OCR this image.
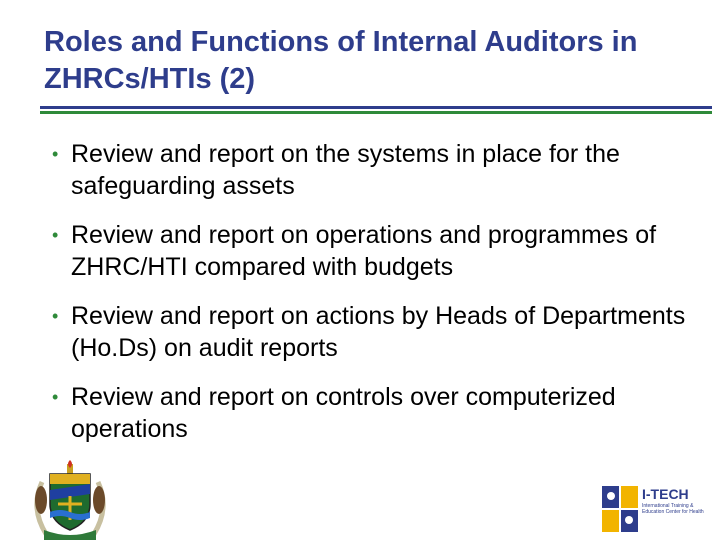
Roles and Functions of Internal Auditors in ZHRCs/HTIs (2)
• Review and report on the systems in place for the safeguarding assets
• Review and report on operations and programmes of ZHRC/HTI compared with budgets
• Review and report on actions by Heads of Departments (Ho.Ds) on audit reports
• Review and report on controls over computerized operations
I-TECH
International Training & Education Center for Health
